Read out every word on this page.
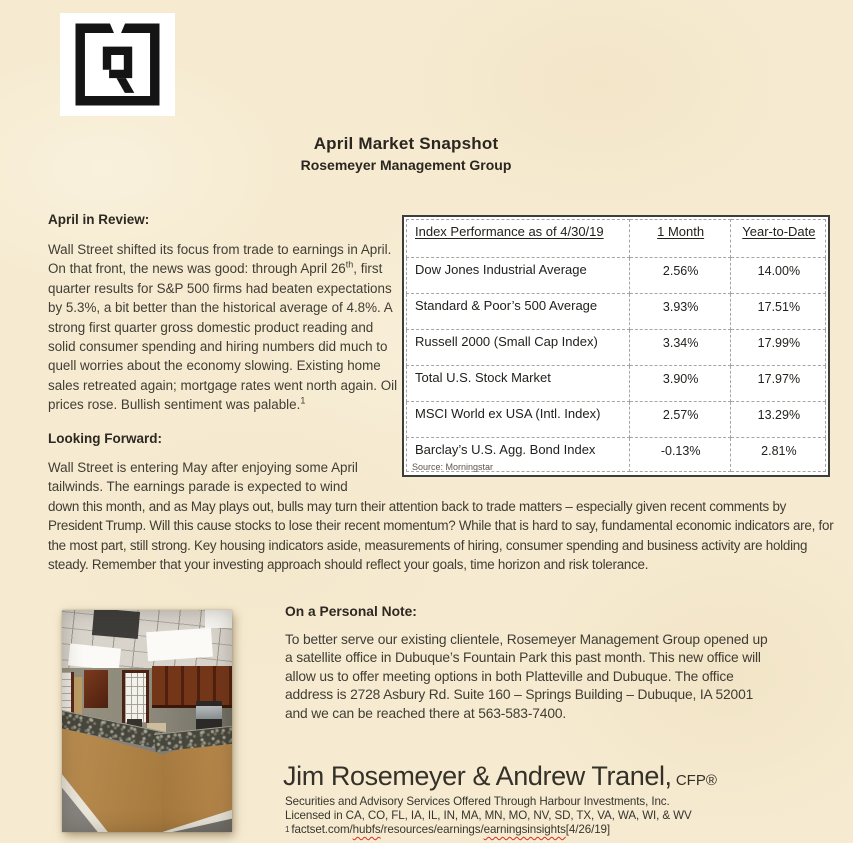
April Market Snapshot
Rosemeyer Management Group
April in Review:
Wall Street shifted its focus from trade to earnings in April. On that front, the news was good: through April 26th, first quarter results for S&P 500 firms had beaten expectations by 5.3%, a bit better than the historical average of 4.8%. A strong first quarter gross domestic product reading and solid consumer spending and hiring numbers did much to quell worries about the economy slowing. Existing home sales retreated again; mortgage rates went north again. Oil prices rose. Bullish sentiment was palable.$^1$
Index Performance as of 4/30/19	1 Month	Year-to-Date
Dow Jones Industrial Average	2.56%	14.00%
Standard & Poor’s 500 Average	3.93%	17.51%
Russell 2000 (Small Cap Index)	3.34%	17.99%
Total U.S. Stock Market	3.90%	17.97%
MSCI World ex USA (Intl. Index)	2.57%	13.29%
Barclay’s U.S. Agg. Bond Index	-0.13%	2.81%
Source: Morningstar
Looking Forward:
Wall Street is entering May after enjoying some April tailwinds. The earnings parade is expected to wind
down this month, and as May plays out, bulls may turn their attention back to trade matters – especially given recent comments by President Trump. Will this cause stocks to lose their recent momentum? While that is hard to say, fundamental economic indicators are, for the most part, still strong. Key housing indicators aside, measurements of hiring, consumer spending and business activity are holding steady. Remember that your investing approach should reflect your goals, time horizon and risk tolerance.
On a Personal Note:
To better serve our existing clientele, Rosemeyer Management Group opened up a satellite office in Dubuque’s Fountain Park this past month. This new office will allow us to offer meeting options in both Platteville and Dubuque. The office address is 2728 Asbury Rd. Suite 160 – Springs Building – Dubuque, IA 52001 and we can be reached there at 563-583-7400.
Jim Rosemeyer & Andrew Tranel, CFP®
Securities and Advisory Services Offered Through Harbour Investments, Inc.
Licensed in CA, CO, FL, IA, IL, IN, MA, MN, MO, NV, SD, TX, VA, WA, WI, & WV
$^1$ factset.com/hubfs/resources/earnings/earningsinsights[4/26/19]
